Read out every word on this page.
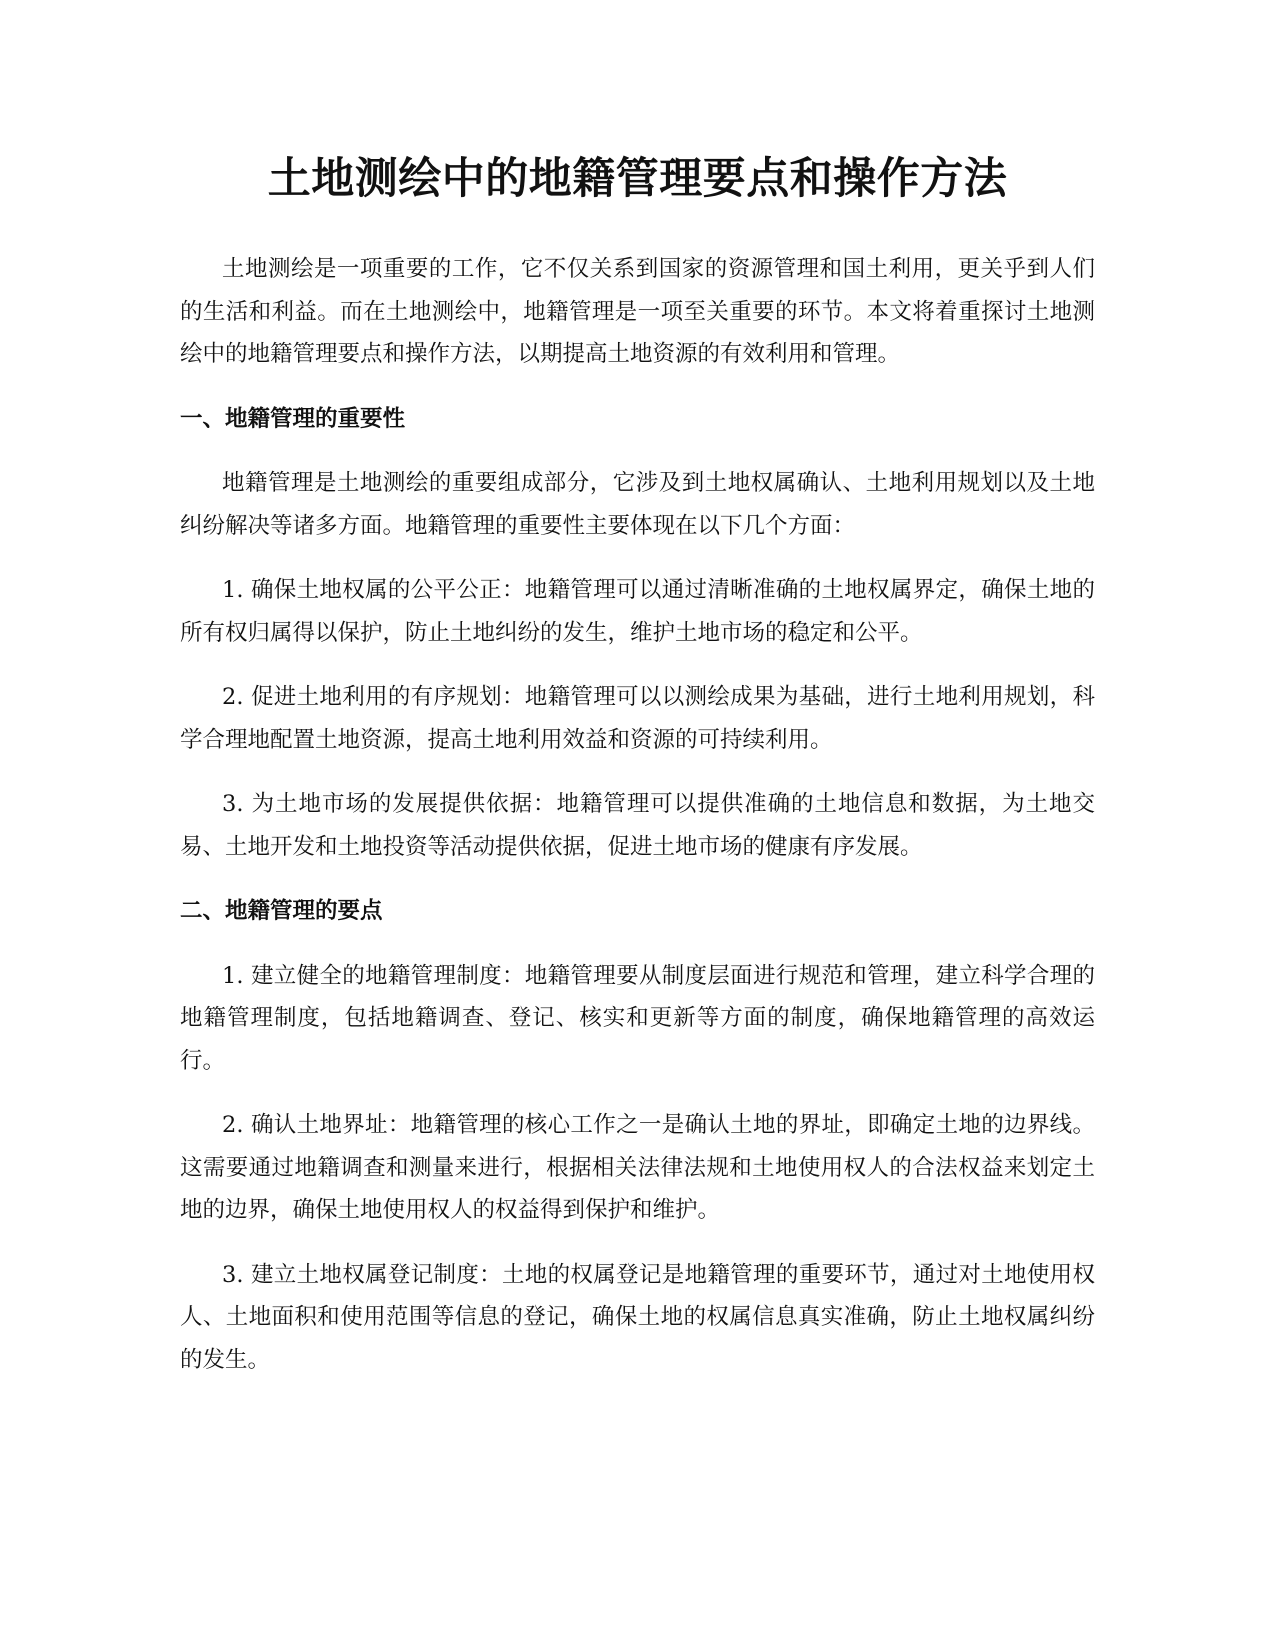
土地测绘中的地籍管理要点和操作方法

土地测绘是一项重要的工作，它不仅关系到国家的资源管理和国土利用，更关乎到人们的生活和利益。而在土地测绘中，地籍管理是一项至关重要的环节。本文将着重探讨土地测绘中的地籍管理要点和操作方法，以期提高土地资源的有效利用和管理。

一、地籍管理的重要性

地籍管理是土地测绘的重要组成部分，它涉及到土地权属确认、土地利用规划以及土地纠纷解决等诸多方面。地籍管理的重要性主要体现在以下几个方面：

1. 确保土地权属的公平公正：地籍管理可以通过清晰准确的土地权属界定，确保土地的所有权归属得以保护，防止土地纠纷的发生，维护土地市场的稳定和公平。

2. 促进土地利用的有序规划：地籍管理可以以测绘成果为基础，进行土地利用规划，科学合理地配置土地资源，提高土地利用效益和资源的可持续利用。

3. 为土地市场的发展提供依据：地籍管理可以提供准确的土地信息和数据，为土地交易、土地开发和土地投资等活动提供依据，促进土地市场的健康有序发展。

二、地籍管理的要点

1. 建立健全的地籍管理制度：地籍管理要从制度层面进行规范和管理，建立科学合理的地籍管理制度，包括地籍调查、登记、核实和更新等方面的制度，确保地籍管理的高效运行。

2. 确认土地界址：地籍管理的核心工作之一是确认土地的界址，即确定土地的边界线。这需要通过地籍调查和测量来进行，根据相关法律法规和土地使用权人的合法权益来划定土地的边界，确保土地使用权人的权益得到保护和维护。

3. 建立土地权属登记制度：土地的权属登记是地籍管理的重要环节，通过对土地使用权人、土地面积和使用范围等信息的登记，确保土地的权属信息真实准确，防止土地权属纠纷的发生。
